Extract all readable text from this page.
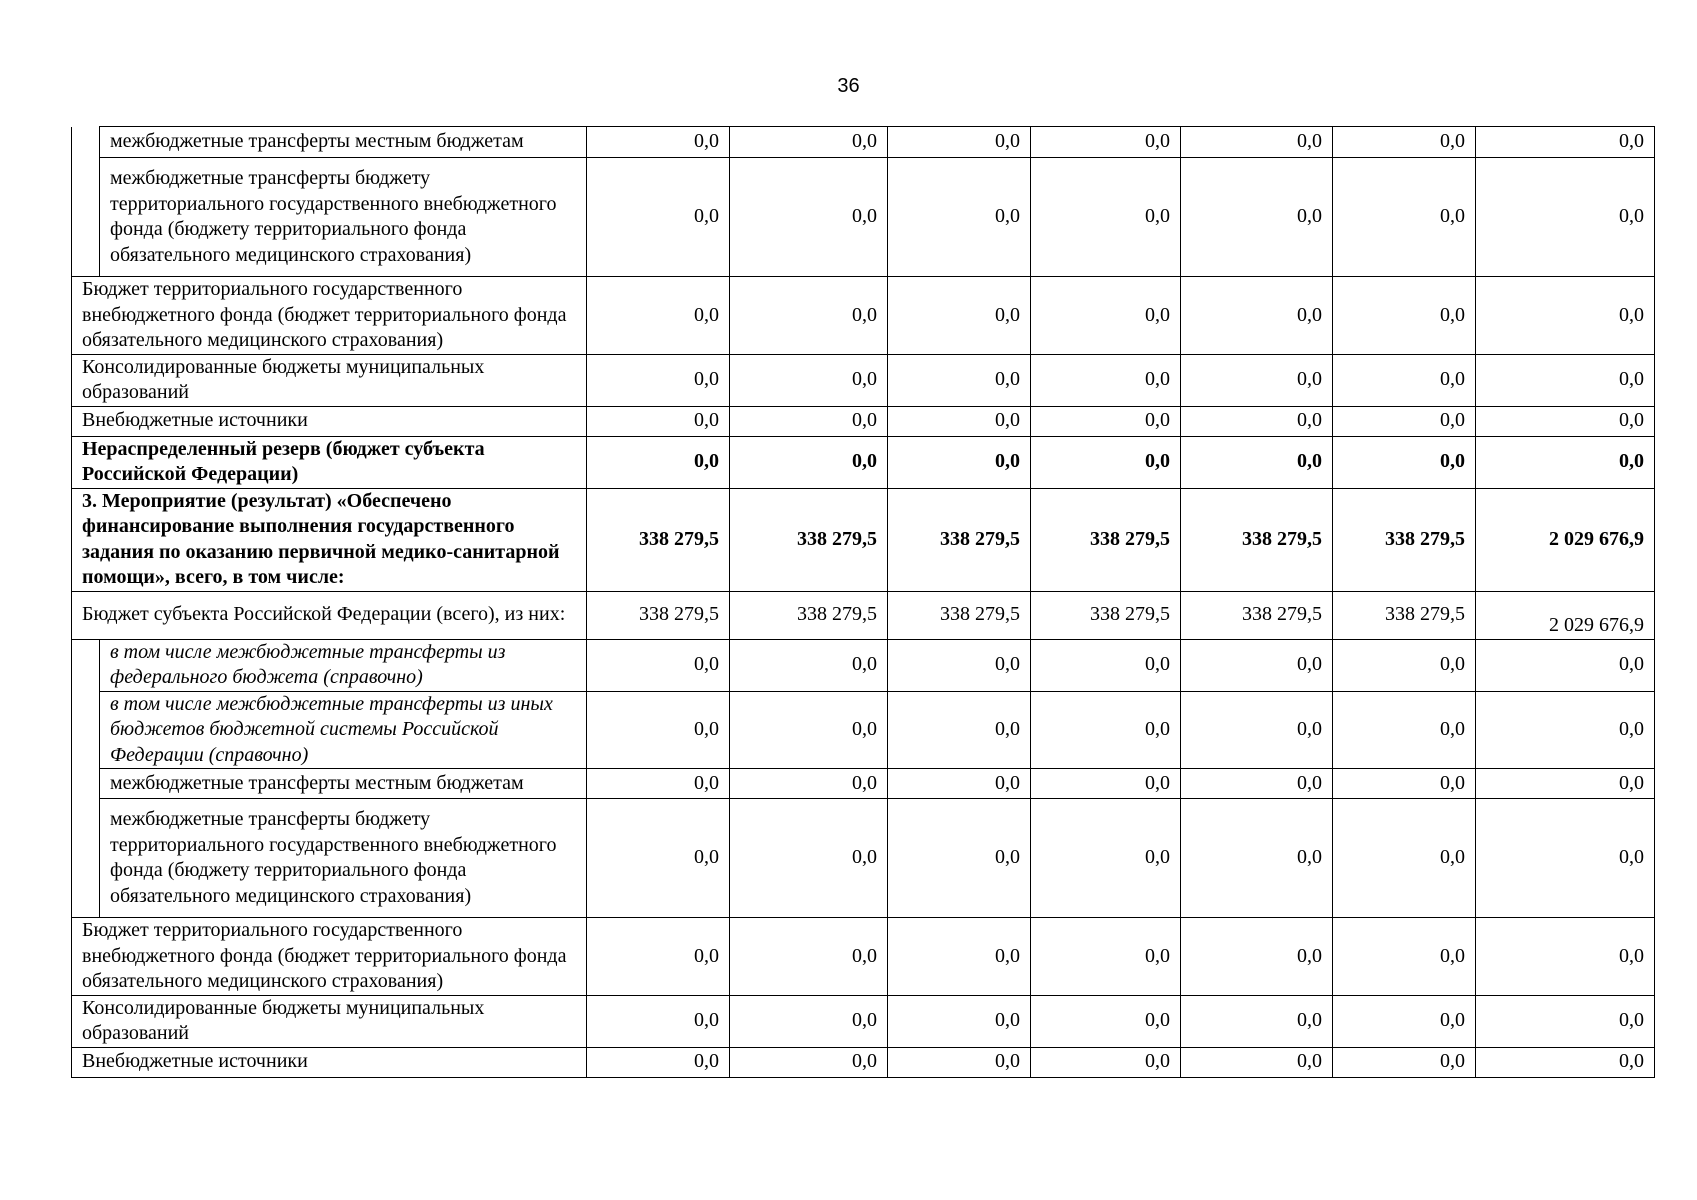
36
	межбюджетные трансферты местным бюджетам	0,0	0,0	0,0	0,0	0,0	0,0	0,0
	межбюджетные трансферты бюджету территориального государственного внебюджетного фонда (бюджету территориального фонда обязательного медицинского страхования)	0,0	0,0	0,0	0,0	0,0	0,0	0,0
Бюджет территориального государственного внебюджетного фонда (бюджет территориального фонда обязательного медицинского страхования)		0,0	0,0	0,0	0,0	0,0	0,0	0,0
Консолидированные бюджеты муниципальных образований		0,0	0,0	0,0	0,0	0,0	0,0	0,0
Внебюджетные источники		0,0	0,0	0,0	0,0	0,0	0,0	0,0
Нераспределенный резерв (бюджет субъекта Российской Федерации)		0,0	0,0	0,0	0,0	0,0	0,0	0,0
3. Мероприятие (результат) «Обеспечено финансирование выполнения государственного задания по оказанию первичной медико-санитарной помощи», всего, в том числе:		338 279,5	338 279,5	338 279,5	338 279,5	338 279,5	338 279,5	2 029 676,9
Бюджет субъекта Российской Федерации (всего), из них:		338 279,5	338 279,5	338 279,5	338 279,5	338 279,5	338 279,5	2 029 676,9
	в том числе межбюджетные трансферты из федерального бюджета (справочно)	0,0	0,0	0,0	0,0	0,0	0,0	0,0
	в том числе межбюджетные трансферты из иных бюджетов бюджетной системы Российской Федерации (справочно)	0,0	0,0	0,0	0,0	0,0	0,0	0,0
	межбюджетные трансферты местным бюджетам	0,0	0,0	0,0	0,0	0,0	0,0	0,0
	межбюджетные трансферты бюджету территориального государственного внебюджетного фонда (бюджету территориального фонда обязательного медицинского страхования)	0,0	0,0	0,0	0,0	0,0	0,0	0,0
Бюджет территориального государственного внебюджетного фонда (бюджет территориального фонда обязательного медицинского страхования)		0,0	0,0	0,0	0,0	0,0	0,0	0,0
Консолидированные бюджеты муниципальных образований		0,0	0,0	0,0	0,0	0,0	0,0	0,0
Внебюджетные источники		0,0	0,0	0,0	0,0	0,0	0,0	0,0
